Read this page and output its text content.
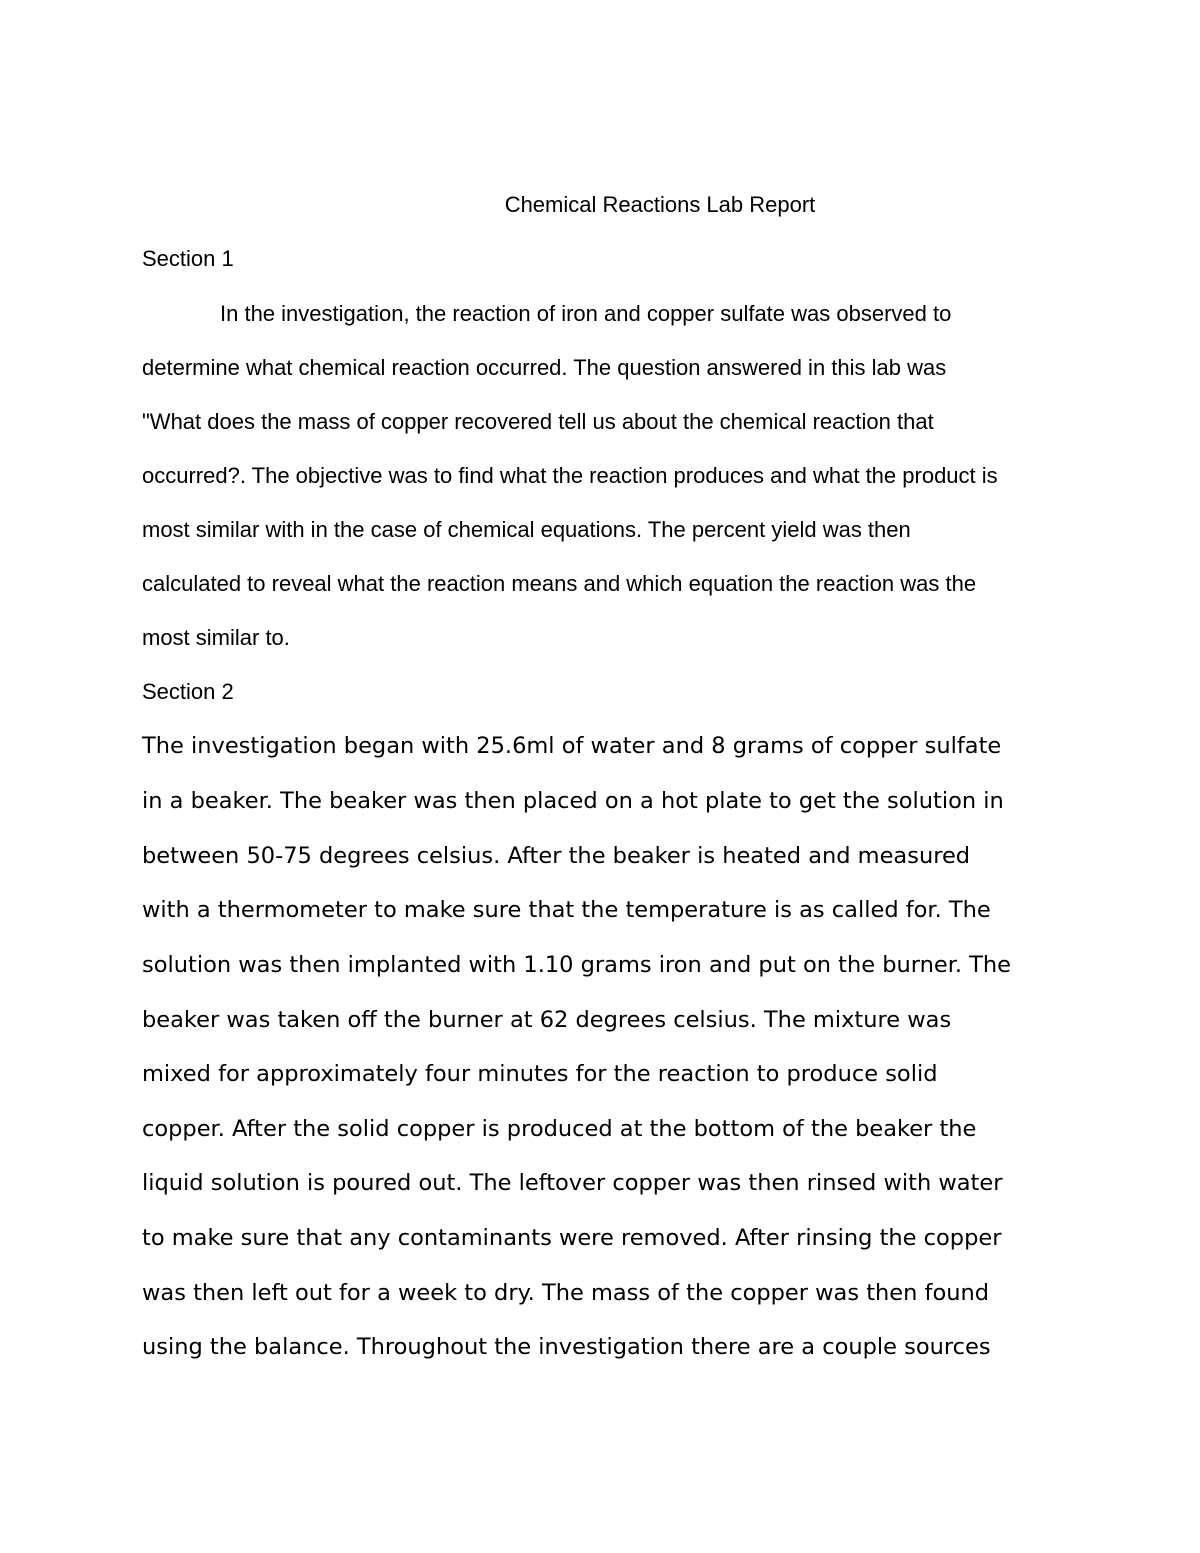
Chemical Reactions Lab Report

Section 1

In the investigation, the reaction of iron and copper sulfate was observed to

determine what chemical reaction occurred. The question answered in this lab was

"What does the mass of copper recovered tell us about the chemical reaction that

occurred?. The objective was to find what the reaction produces and what the product is

most similar with in the case of chemical equations. The percent yield was then

calculated to reveal what the reaction means and which equation the reaction was the

most similar to.

Section 2

The investigation began with 25.6ml of water and 8 grams of copper sulfate

in a beaker. The beaker was then placed on a hot plate to get the solution in

between 50-75 degrees celsius. After the beaker is heated and measured

with a thermometer to make sure that the temperature is as called for. The

solution was then implanted with 1.10 grams iron and put on the burner. The

beaker was taken off the burner at 62 degrees celsius. The mixture was

mixed for approximately four minutes for the reaction to produce solid

copper. After the solid copper is produced at the bottom of the beaker the

liquid solution is poured out. The leftover copper was then rinsed with water

to make sure that any contaminants were removed. After rinsing the copper

was then left out for a week to dry. The mass of the copper was then found

using the balance. Throughout the investigation there are a couple sources
